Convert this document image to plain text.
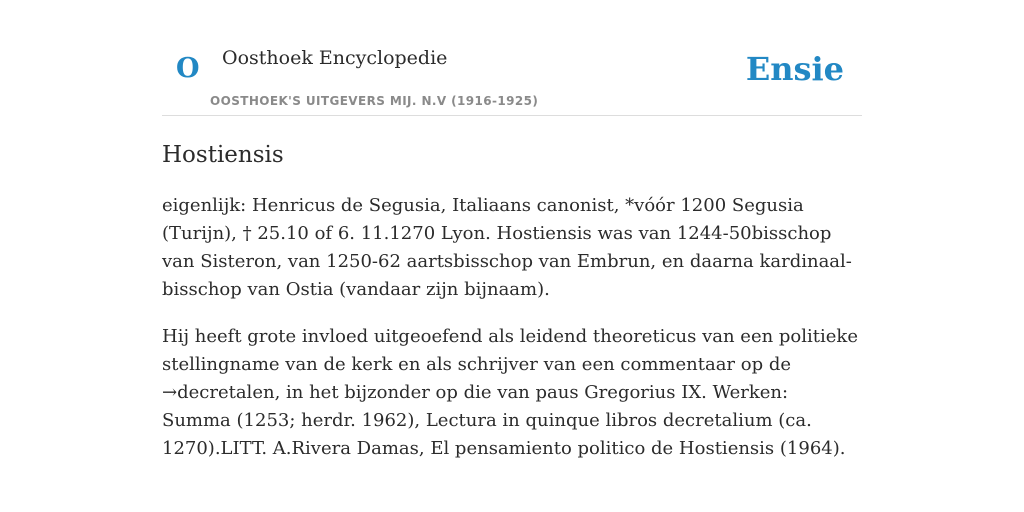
O Oosthoek Encyclopedie
OOSTHOEK'S UITGEVERS MIJ. N.V (1916-1925)
Ensie
Hostiensis

eigenlijk: Henricus de Segusia, Italiaans canonist, *vóór 1200 Segusia (Turijn), † 25.10 of 6. 11.1270 Lyon. Hostiensis was van 1244-50bisschop van Sisteron, van 1250-62 aartsbisschop van Embrun, en daarna kardinaal-bisschop van Ostia (vandaar zijn bijnaam).

Hij heeft grote invloed uitgeoefend als leidend theoreticus van een politieke stellingname van de kerk en als schrijver van een commentaar op de →decretalen, in het bijzonder op die van paus Gregorius IX. Werken: Summa (1253; herdr. 1962), Lectura in quinque libros decretalium (ca. 1270).LITT. A.Rivera Damas, El pensamiento politico de Hostiensis (1964).
